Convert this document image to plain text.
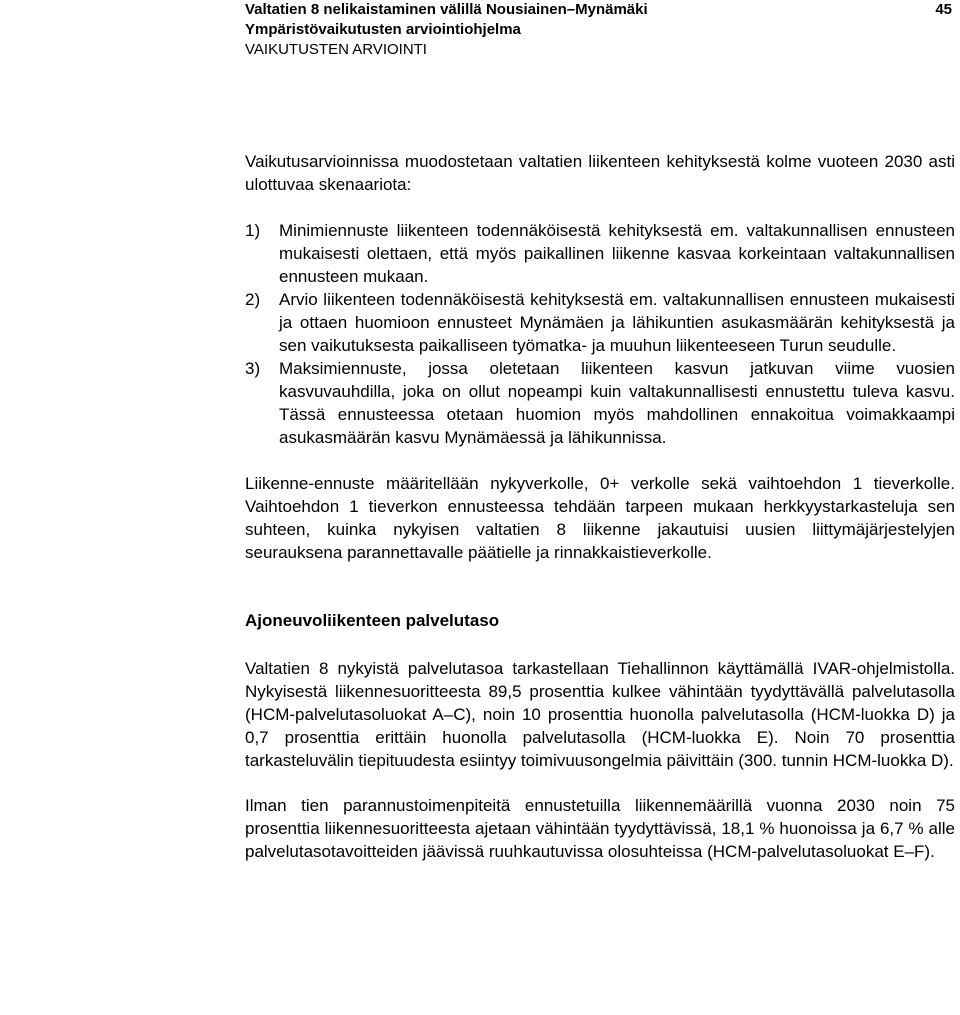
Valtatien 8 nelikaistaminen välillä Nousiainen–Mynämäki
Ympäristövaikutusten arviointiohjelma
VAIKUTUSTEN ARVIOINTI
45

Vaikutusarvioinnissa muodostetaan valtatien liikenteen kehityksestä kolme vuoteen 2030 asti ulottuvaa skenaariota:

1) Minimiennuste liikenteen todennäköisestä kehityksestä em. valtakunnallisen ennusteen mukaisesti olettaen, että myös paikallinen liikenne kasvaa korkeintaan valtakunnallisen ennusteen mukaan.
2) Arvio liikenteen todennäköisestä kehityksestä em. valtakunnallisen ennusteen mukaisesti ja ottaen huomioon ennusteet Mynämäen ja lähikuntien asukasmäärän kehityksestä ja sen vaikutuksesta paikalliseen työmatka- ja muuhun liikenteeseen Turun seudulle.
3) Maksimiennuste, jossa oletetaan liikenteen kasvun jatkuvan viime vuosien kasvuvauhdilla, joka on ollut nopeampi kuin valtakunnallisesti ennustettu tuleva kasvu. Tässä ennusteessa otetaan huomion myös mahdollinen ennakoitua voimakkaampi asukasmäärän kasvu Mynämäessä ja lähikunnissa.

Liikenne-ennuste määritellään nykyverkolle, 0+ verkolle sekä vaihtoehdon 1 tieverkolle. Vaihtoehdon 1 tieverkon ennusteessa tehdään tarpeen mukaan herkkyystarkasteluja sen suhteen, kuinka nykyisen valtatien 8 liikenne jakautuisi uusien liittymäjärjestelyjen seurauksena parannettavalle päätielle ja rinnakkaistieverkolle.

Ajoneuvoliikenteen palvelutaso

Valtatien 8 nykyistä palvelutasoa tarkastellaan Tiehallinnon käyttämällä IVAR-ohjelmistolla. Nykyisestä liikennesuoritteesta 89,5 prosenttia kulkee vähintään tyydyttävällä palvelutasolla (HCM-palvelutasoluokat A–C), noin 10 prosenttia huonolla palvelutasolla (HCM-luokka D) ja 0,7 prosenttia erittäin huonolla palvelutasolla (HCM-luokka E). Noin 70 prosenttia tarkasteluvälin tiepituudesta esiintyy toimivuusongelmia päivittäin (300. tunnin HCM-luokka D).

Ilman tien parannustoimenpiteitä ennustetuilla liikennemäärillä vuonna 2030 noin 75 prosenttia liikennesuoritteesta ajetaan vähintään tyydyttävissä, 18,1 % huonoissa ja 6,7 % alle palvelutasotavoitteiden jäävissä ruuhkautuvissa olosuhteissa (HCM-palvelutasoluokat E–F).
